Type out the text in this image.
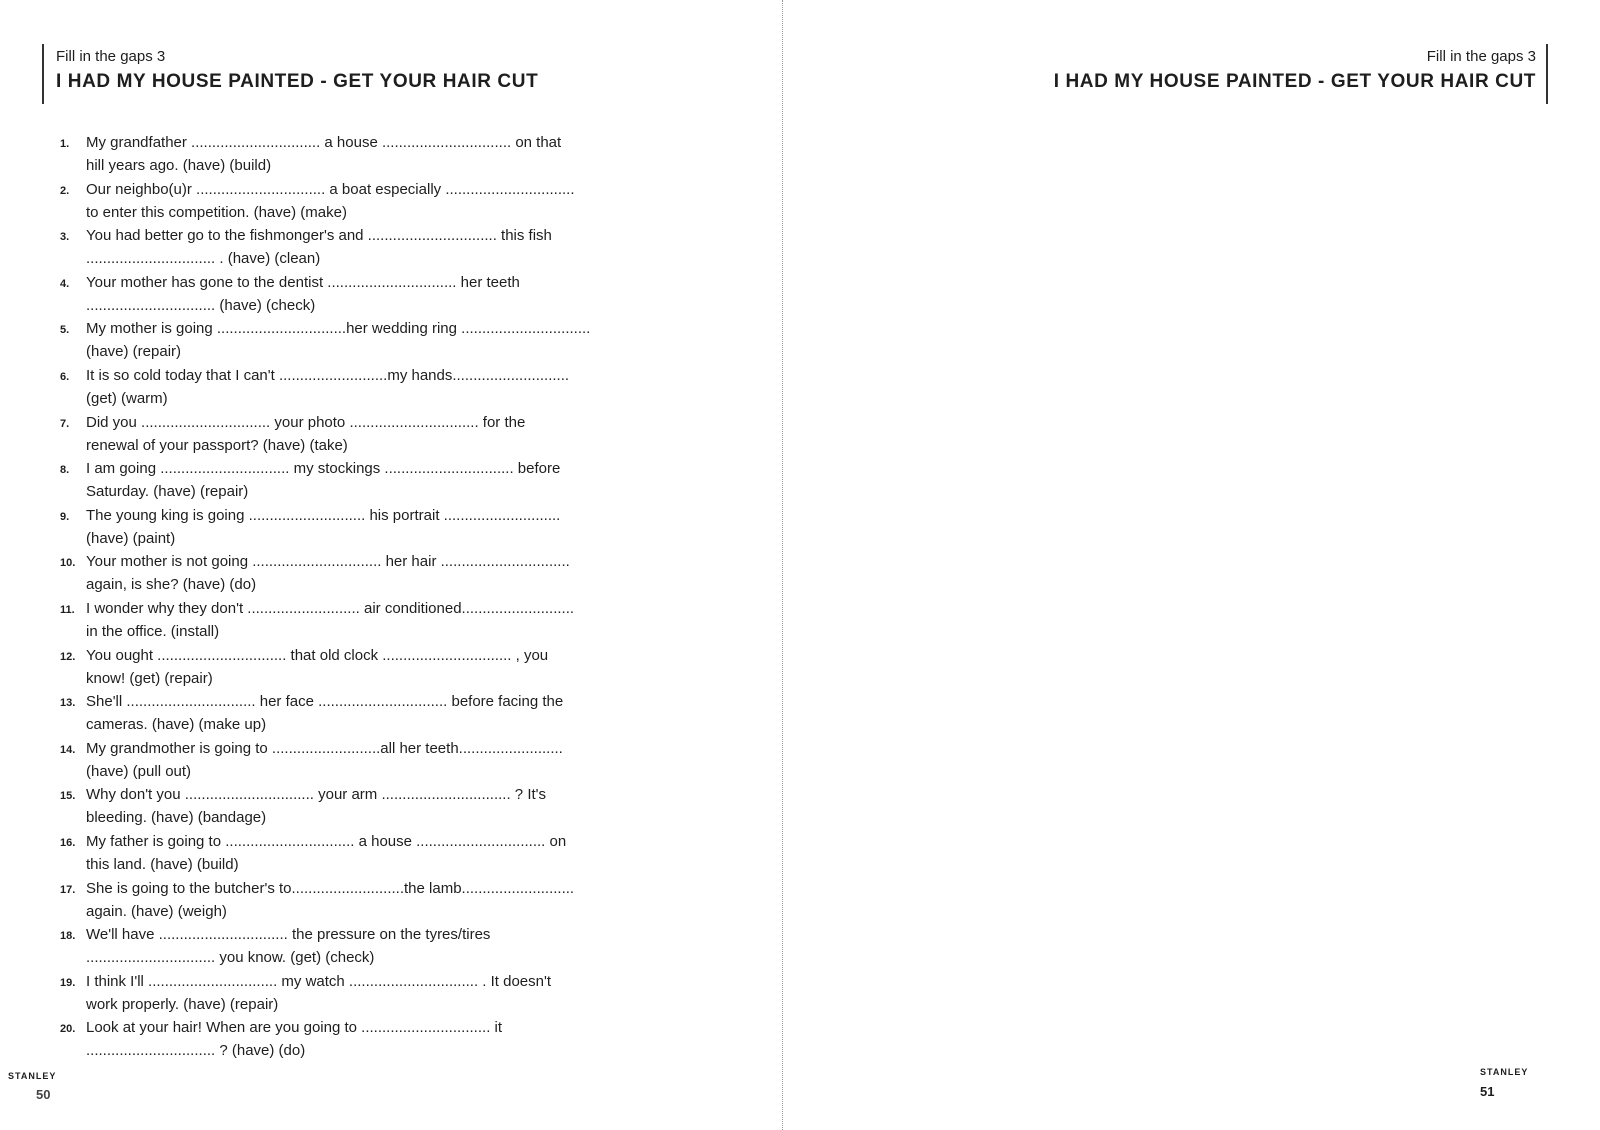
Fill in the gaps 3
I HAD MY HOUSE PAINTED - GET YOUR HAIR CUT
1.	My grandfather ............................... a house ............................... on that
hill years ago. (have) (build)
2.	Our neighbo(u)r ............................... a boat especially ...............................
to enter this competition. (have) (make)
3.	You had better go to the fishmonger's and ............................... this fish
............................... . (have) (clean)
4.	Your mother has gone to the dentist ............................... her teeth
............................... (have) (check)
5.	My mother is going ...............................her wedding ring ...............................
(have) (repair)
6.	It is so cold today that I can't ..........................my hands............................
(get) (warm)
7.	Did you ............................... your photo ............................... for the
renewal of your passport? (have) (take)
8.	I am going ............................... my stockings ............................... before
Saturday. (have) (repair)
9.	The young king is going ............................ his portrait ............................
(have) (paint)
10. Your mother is not going ............................... her hair ...............................
again, is she? (have) (do)
11. I wonder why they don't ........................... air conditioned...........................
in the office. (install)
12. You ought ............................... that old clock ............................... , you
know! (get) (repair)
13. She'll ............................... her face ............................... before facing the
cameras. (have) (make up)
14. My grandmother is going to ..........................all her teeth.........................
(have) (pull out)
15. Why don't you ............................... your arm ............................... ? It's
bleeding. (have) (bandage)
16. My father is going to ............................... a house ............................... on
this land. (have) (build)
17. She is going to the butcher's to...........................the lamb...........................
again. (have) (weigh)
18. We'll have ............................... the pressure on the tyres/tires
............................... you know. (get) (check)
19. I think I'll ............................... my watch ............................... . It doesn't
work properly. (have) (repair)
20. Look at your hair! When are you going to ............................... it
............................... ? (have) (do)
STANLEY
50
Fill in the gaps 3
I HAD MY HOUSE PAINTED - GET YOUR HAIR CUT
STANLEY
51
